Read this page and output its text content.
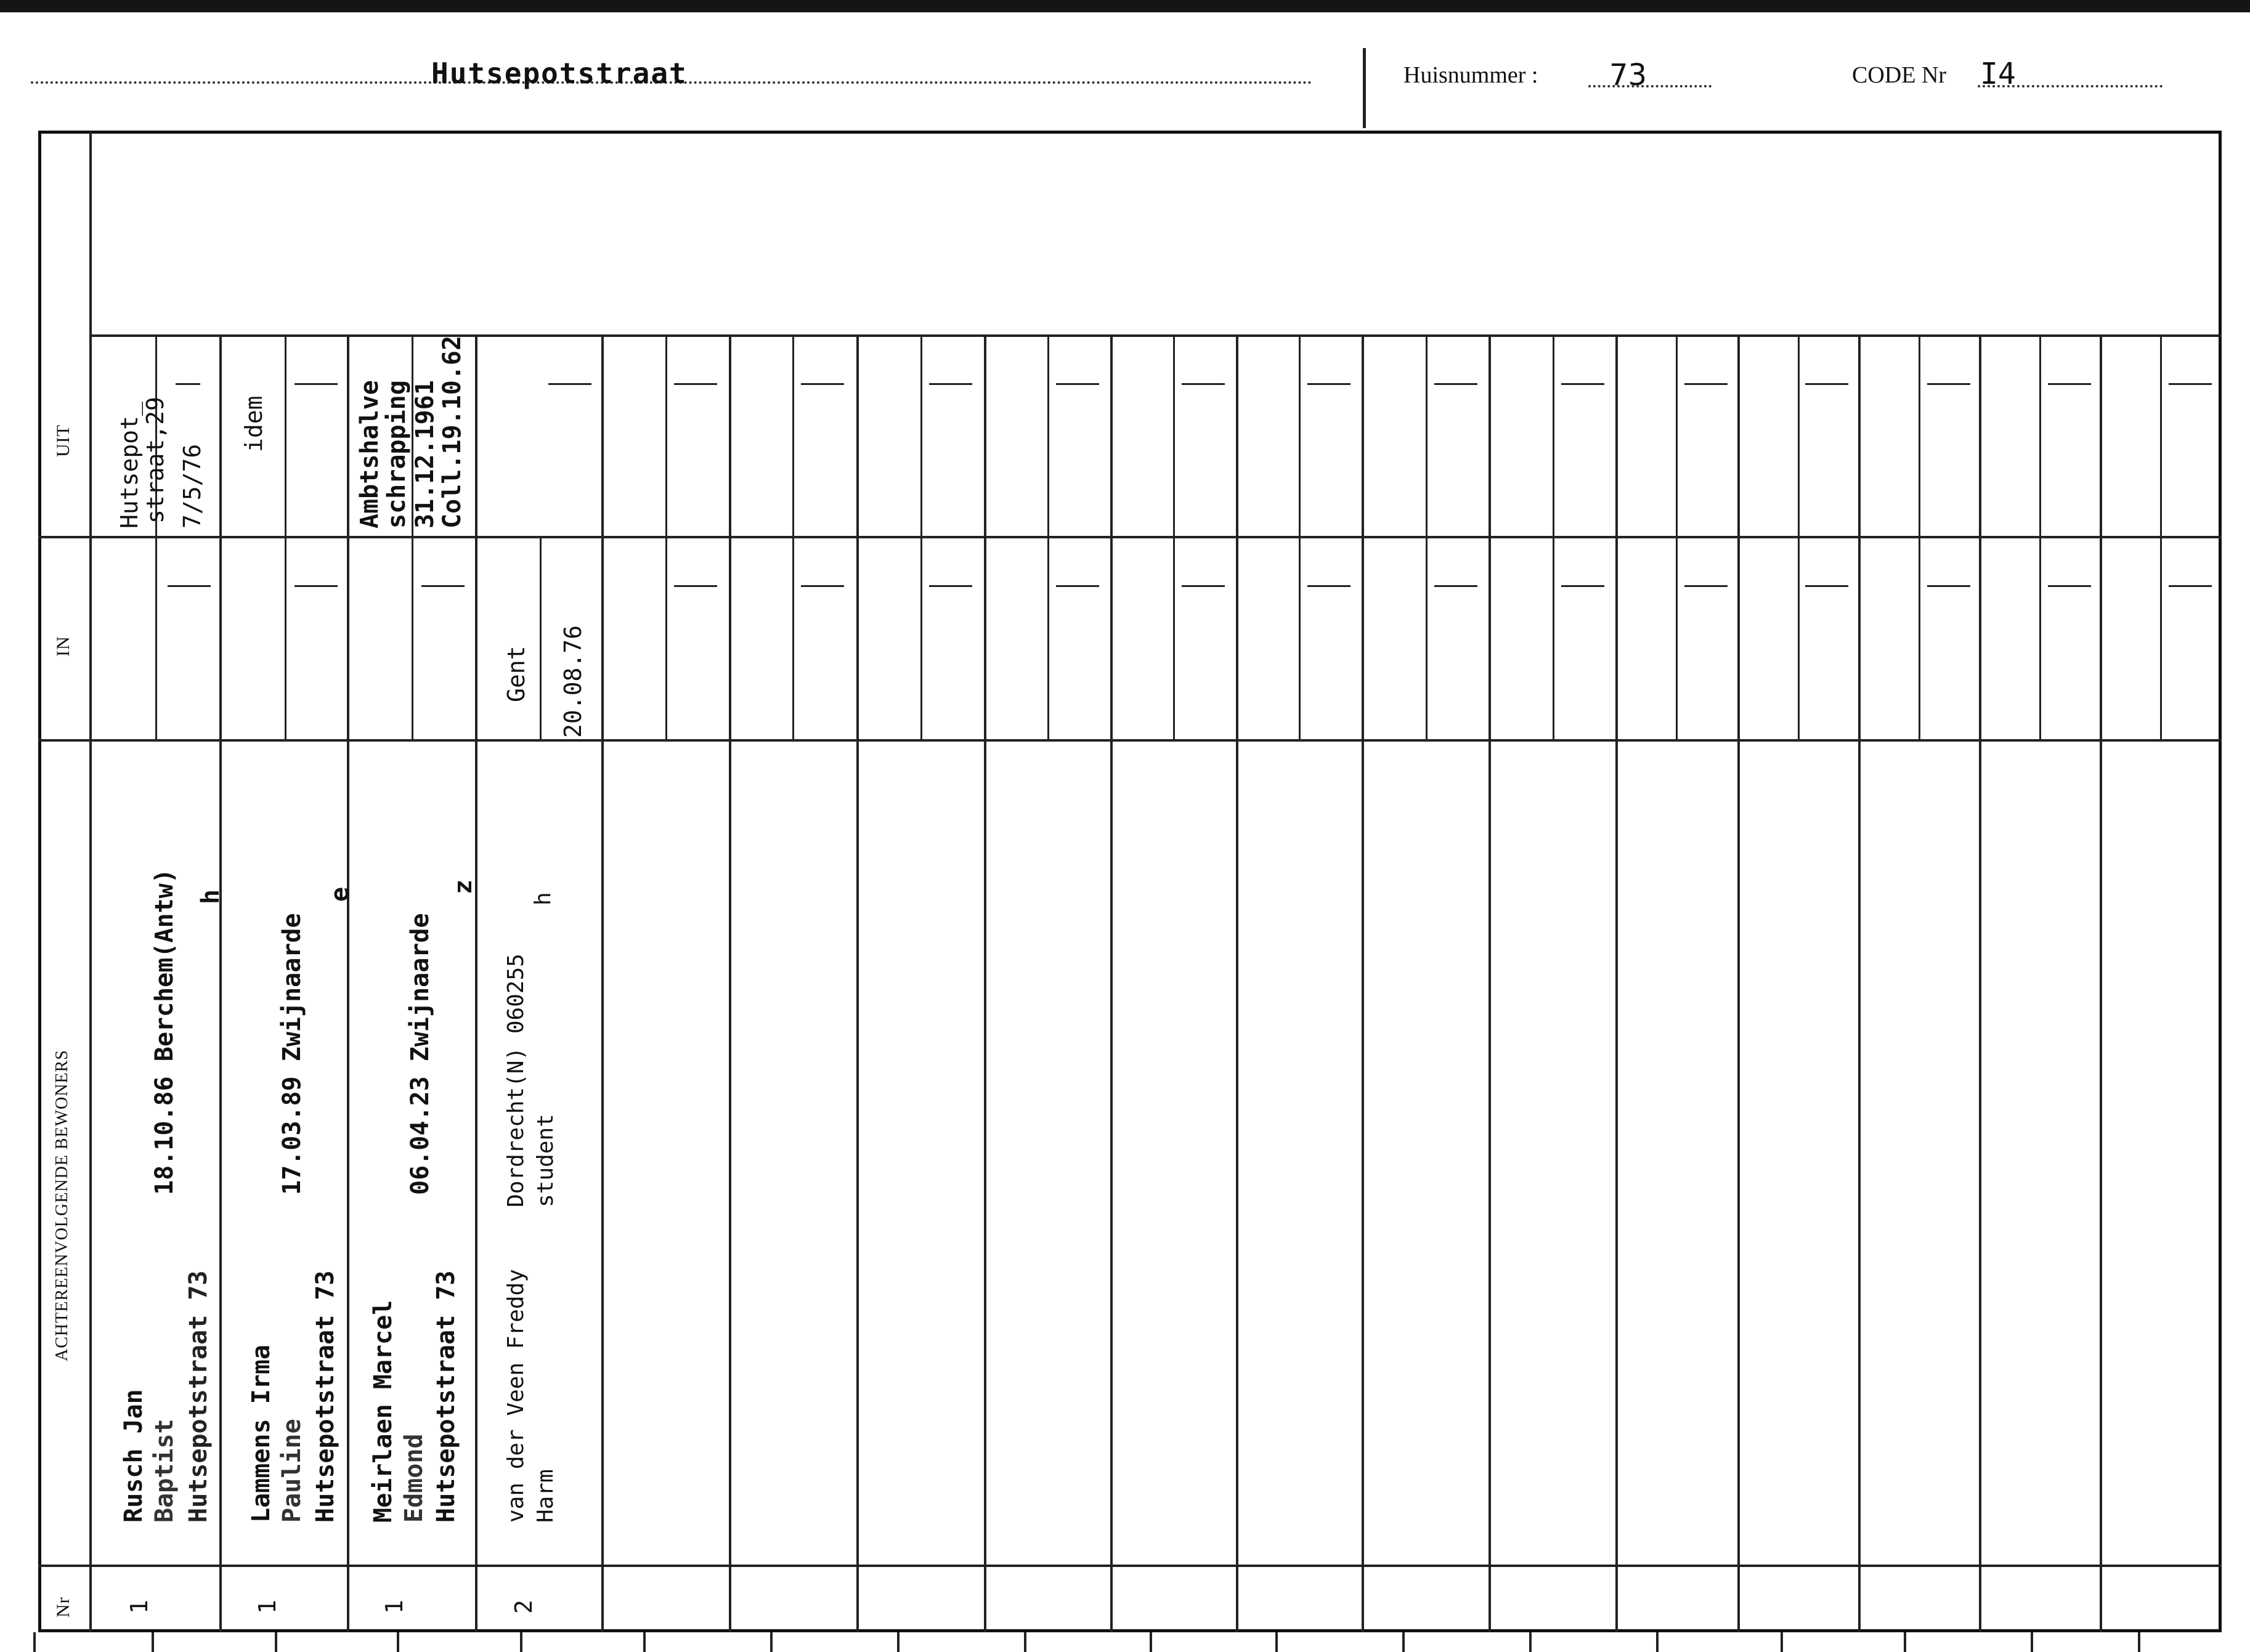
Hutsepotstraat	Huisnummer : 73	CODE Nr I4
UIT
IN
ACHTEREENVOLGENDE BEWONERS
Nr 1
Rusch Jan Baptist Hutsepotstraat 73
18.10.86 Berchem(Antw) h
Hutsepot_
straat,29 7/5/76
1
Lammens Irma Pauline Hutsepotstraat 73
17.03.89 Zwijnaarde
e
idem
1
Meirlaen Marcel Edmond Hutsepotstraat 73
06.04.23 Zwijnaarde
z
Ambtshalve
schrapping 31.12.1961
Coll.19.10.62
2
van der Veen Freddy Harm
Dordrecht(N) 060255 student
h
Gent 20.08.76
